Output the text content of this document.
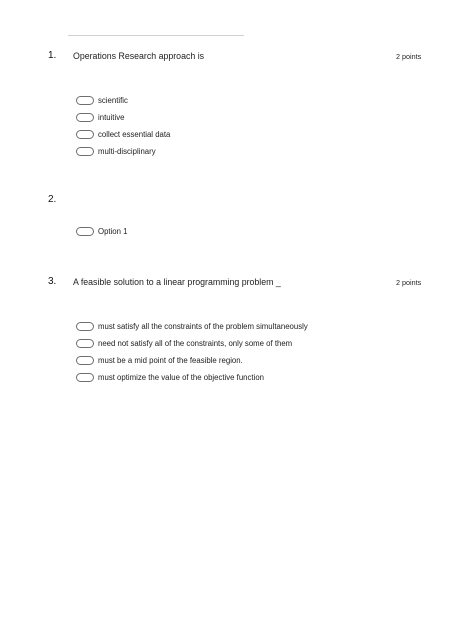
1. Operations Research approach is	2 points
scientific
intuitive
collect essential data
multi-disciplinary
2.
Option 1
3. A feasible solution to a linear programming problem _	2 points
must satisfy all the constraints of the problem simultaneously
need not satisfy all of the constraints, only some of them
must be a mid point of the feasible region.
must optimize the value of the objective function
